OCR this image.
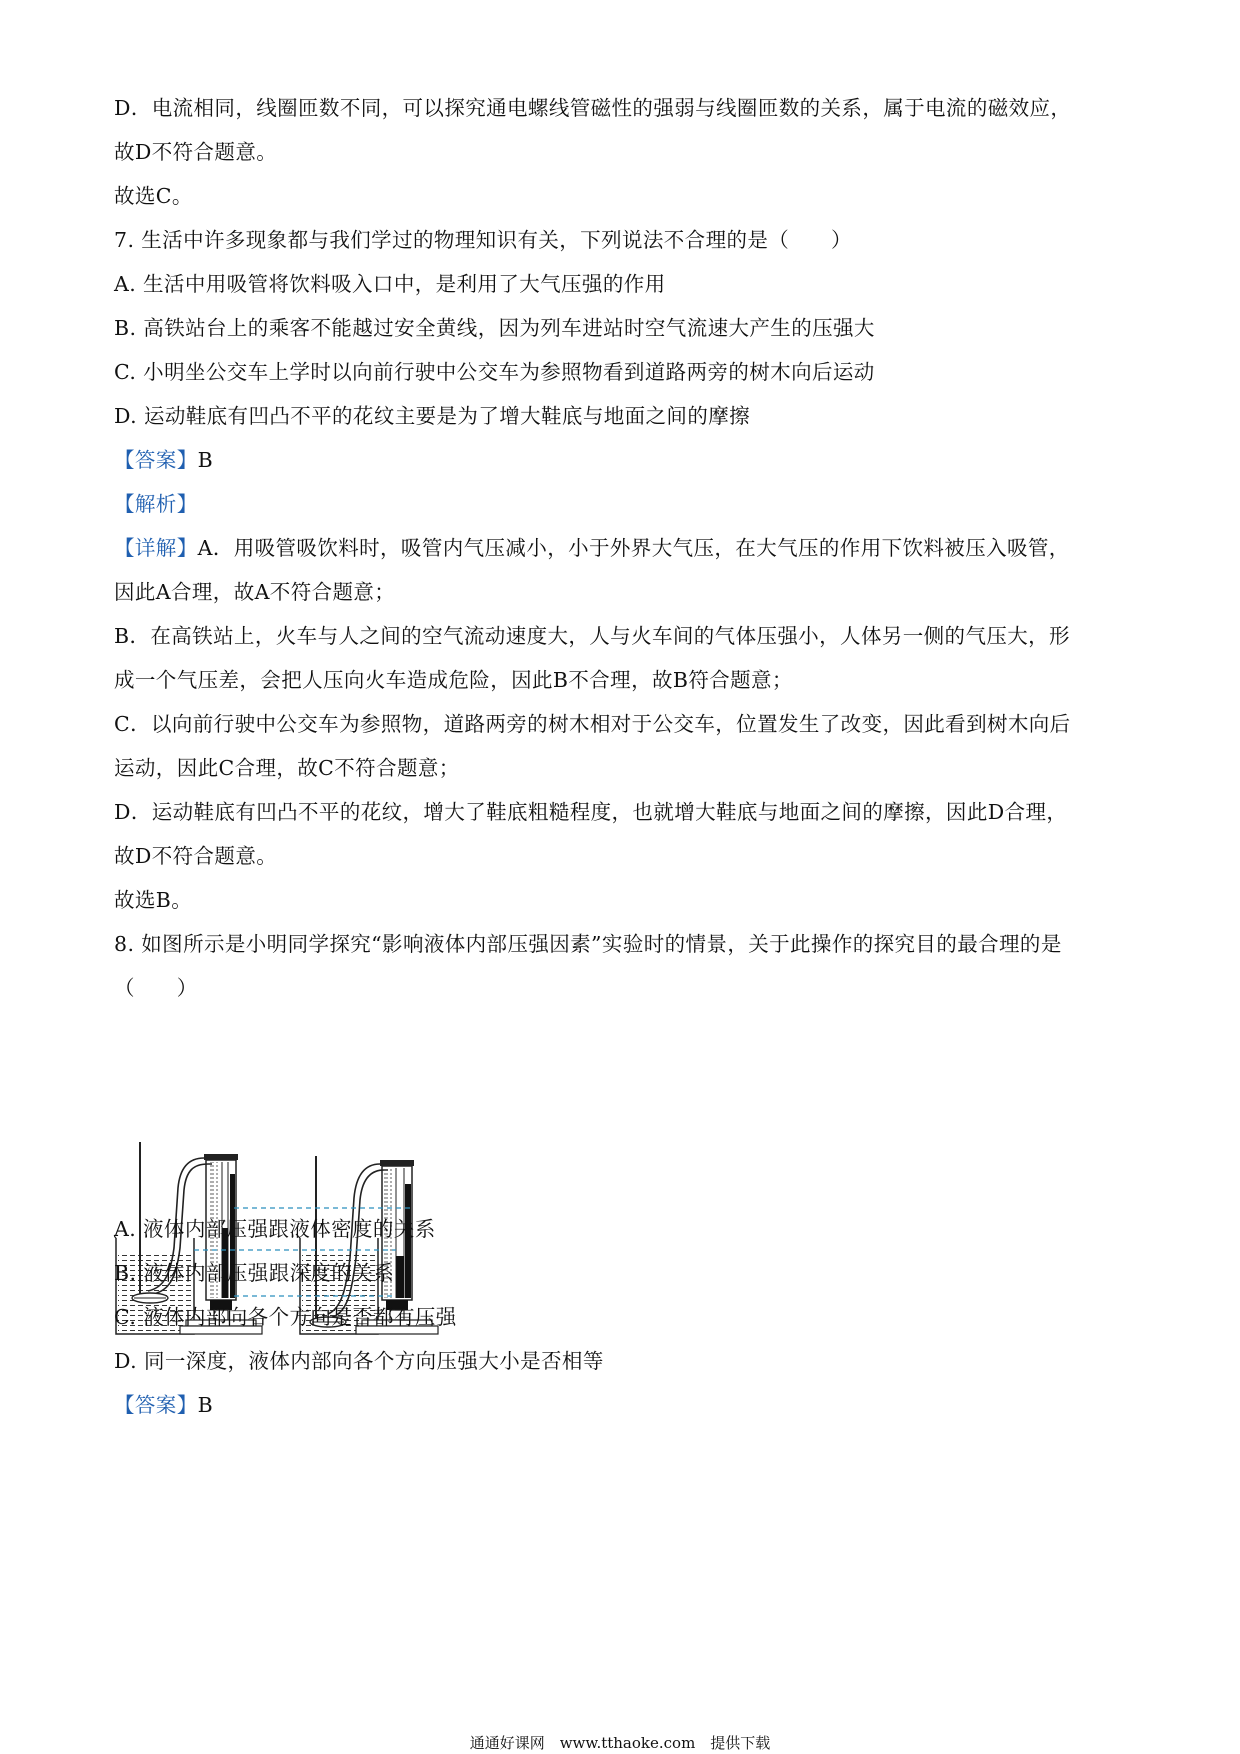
D．电流相同，线圈匝数不同，可以探究通电螺线管磁性的强弱与线圈匝数的关系，属于电流的磁效应，
故D不符合题意。
故选C。
7. 生活中许多现象都与我们学过的物理知识有关，下列说法不合理的是（　　）
A. 生活中用吸管将饮料吸入口中，是利用了大气压强的作用
B. 高铁站台上的乘客不能越过安全黄线，因为列车进站时空气流速大产生的压强大
C. 小明坐公交车上学时以向前行驶中公交车为参照物看到道路两旁的树木向后运动
D. 运动鞋底有凹凸不平的花纹主要是为了增大鞋底与地面之间的摩擦
【答案】B
【解析】
【详解】A．用吸管吸饮料时，吸管内气压减小，小于外界大气压，在大气压的作用下饮料被压入吸管，
因此A合理，故A不符合题意；
B．在高铁站上，火车与人之间的空气流动速度大，人与火车间的气体压强小，人体另一侧的气压大，形
成一个气压差，会把人压向火车造成危险，因此B不合理，故B符合题意；
C．以向前行驶中公交车为参照物，道路两旁的树木相对于公交车，位置发生了改变，因此看到树木向后
运动，因此C合理，故C不符合题意；
D．运动鞋底有凹凸不平的花纹，增大了鞋底粗糙程度，也就增大鞋底与地面之间的摩擦，因此D合理，
故D不符合题意。
故选B。
8. 如图所示是小明同学探究“影响液体内部压强因素”实验时的情景，关于此操作的探究目的最合理的是
（　　）
A. 液体内部压强跟液体密度的关系
B. 液体内部压强跟深度的关系
C. 液体内部向各个方向是否都有压强
D. 同一深度，液体内部向各个方向压强大小是否相等
【答案】B
通通好课网　www.tthaoke.com　提供下载
